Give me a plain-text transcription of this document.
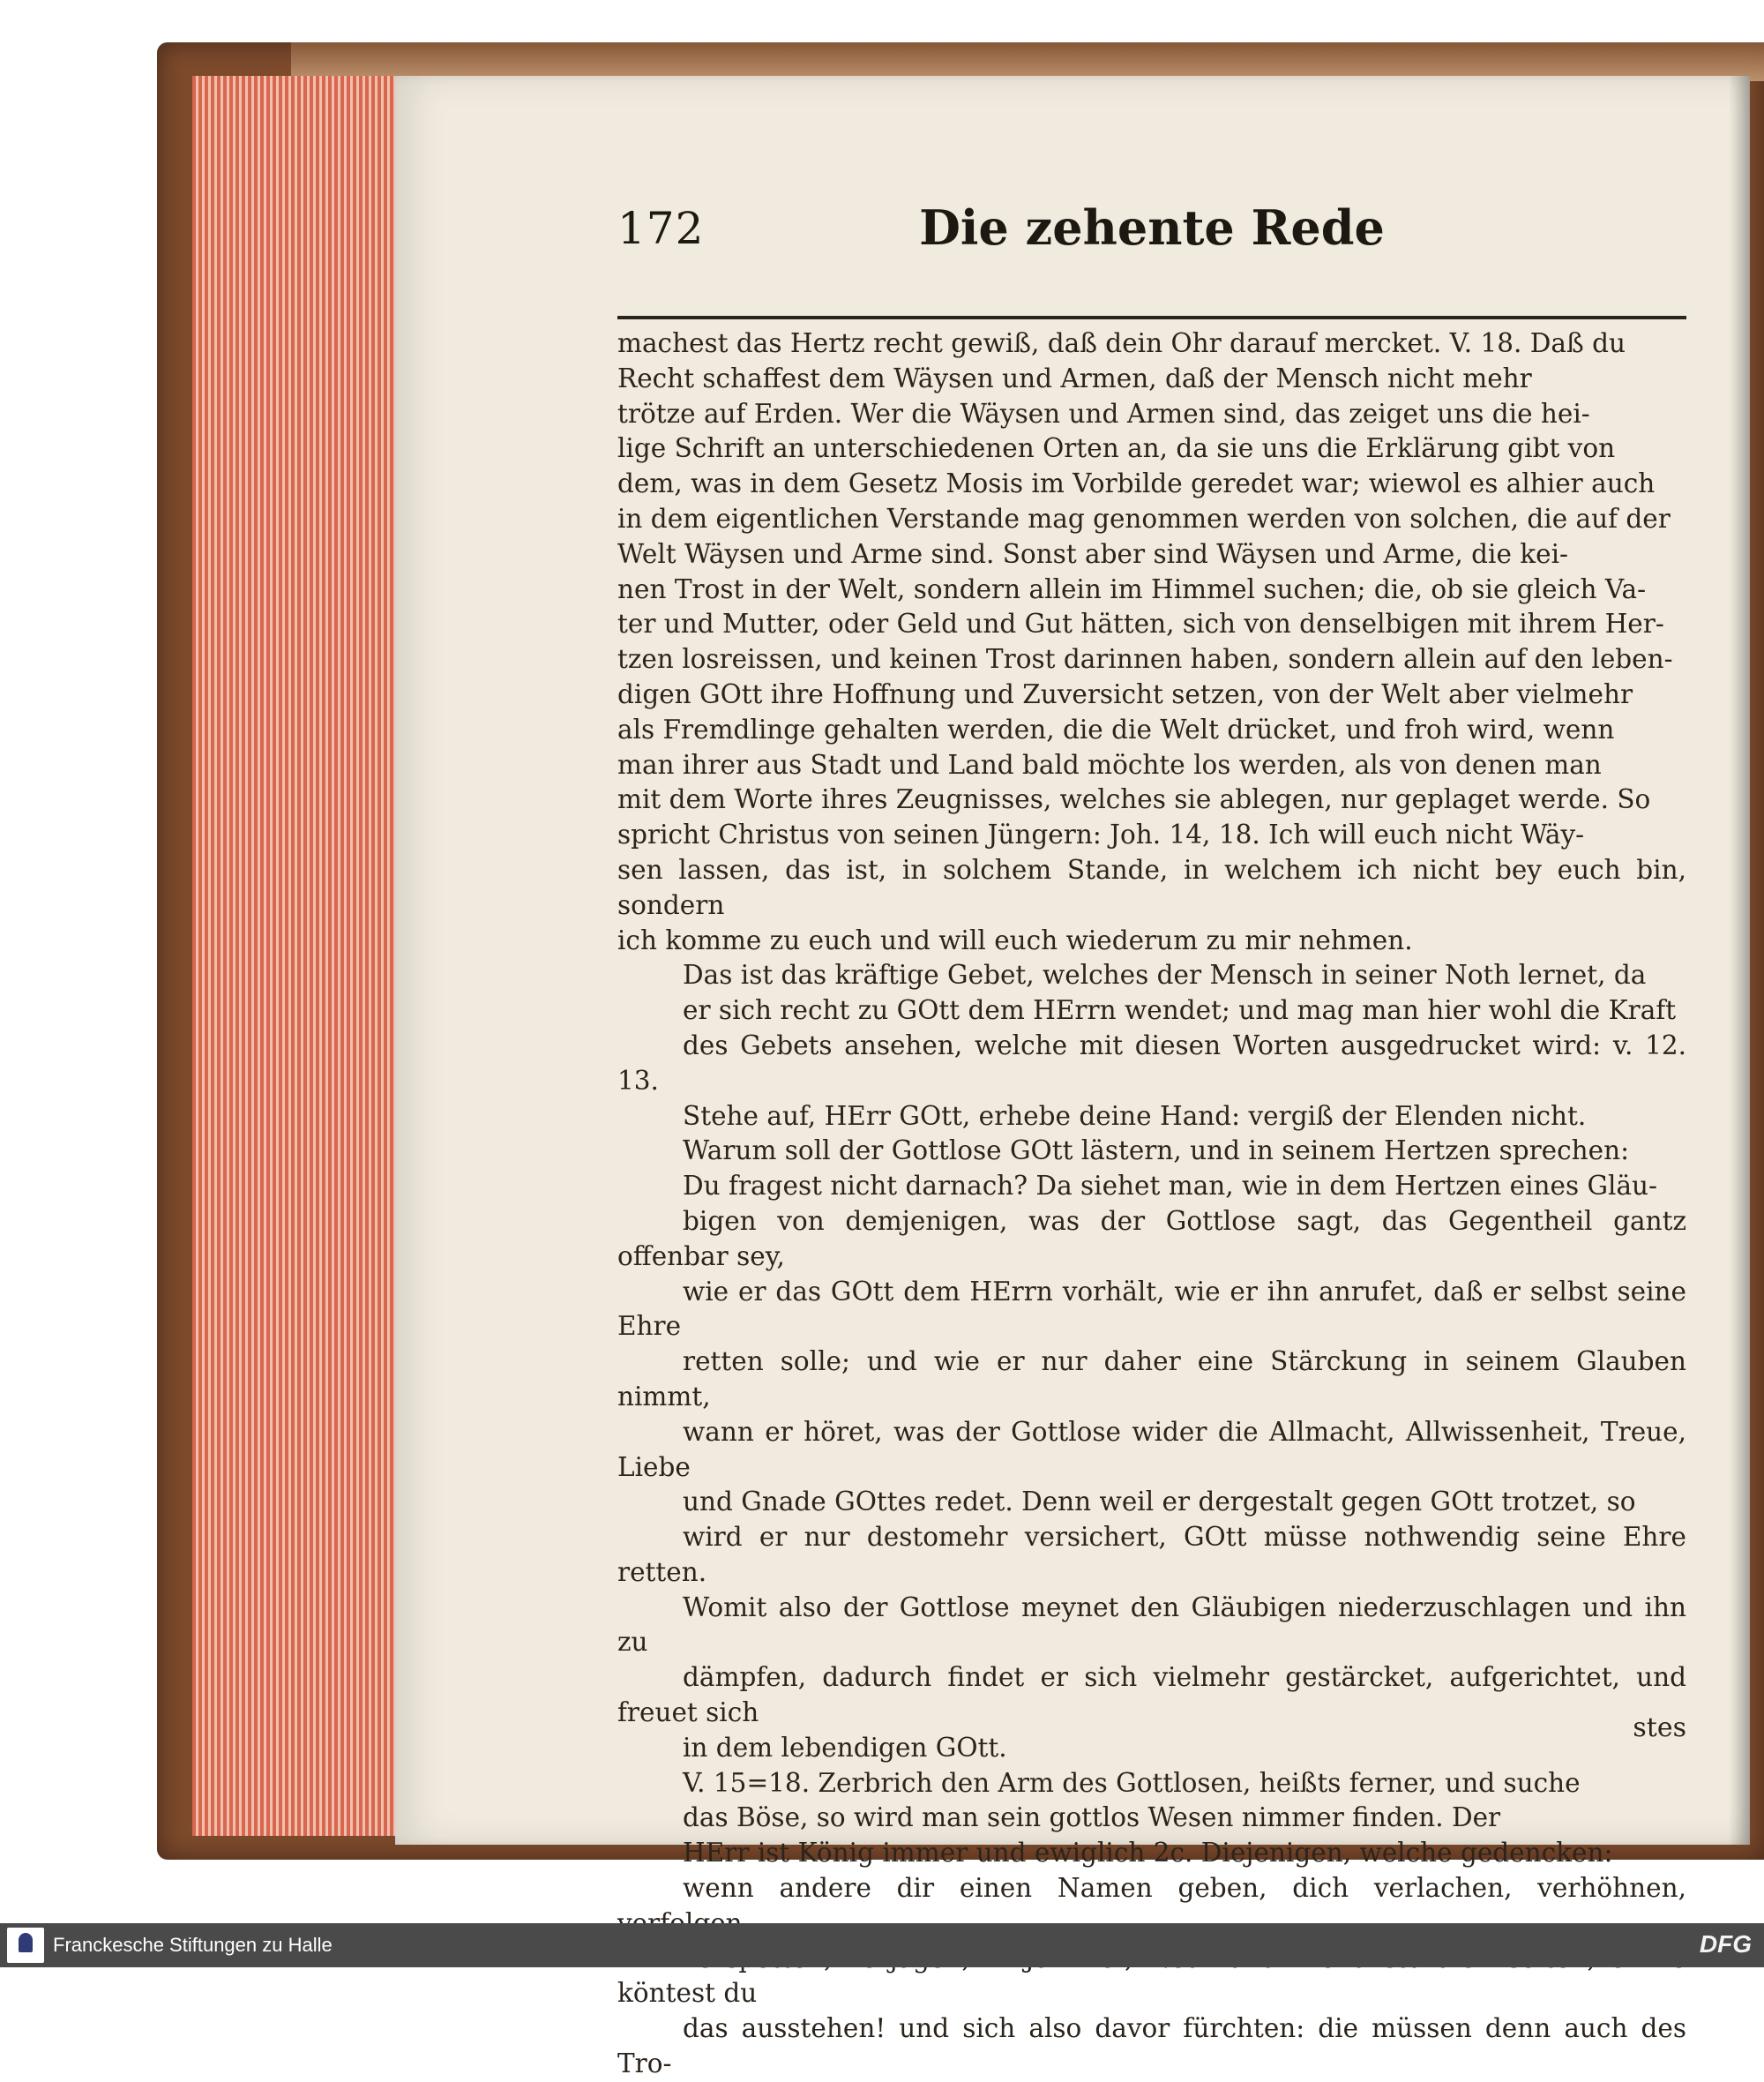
172	Die zehente Rede
machest das Hertz recht gewiß, daß dein Ohr darauf mercket. V. 18. Daß du
Recht schaffest dem Wäysen und Armen, daß der Mensch nicht mehr
trötze auf Erden. Wer die Wäysen und Armen sind, das zeiget uns die hei-
lige Schrift an unterschiedenen Orten an, da sie uns die Erklärung gibt von
dem, was in dem Gesetz Mosis im Vorbilde geredet war; wiewol es alhier auch
in dem eigentlichen Verstande mag genommen werden von solchen, die auf der
Welt Wäysen und Arme sind. Sonst aber sind Wäysen und Arme, die kei-
nen Trost in der Welt, sondern allein im Himmel suchen; die, ob sie gleich Va-
ter und Mutter, oder Geld und Gut hätten, sich von denselbigen mit ihrem Her-
tzen losreissen, und keinen Trost darinnen haben, sondern allein auf den leben-
digen GOtt ihre Hoffnung und Zuversicht setzen, von der Welt aber vielmehr
als Fremdlinge gehalten werden, die die Welt drücket, und froh wird, wenn
man ihrer aus Stadt und Land bald möchte los werden, als von denen man
mit dem Worte ihres Zeugnisses, welches sie ablegen, nur geplaget werde. So
spricht Christus von seinen Jüngern: Joh. 14, 18. Ich will euch nicht Wäy-
sen lassen, das ist, in solchem Stande, in welchem ich nicht bey euch bin, sondern
ich komme zu euch und will euch wiederum zu mir nehmen.
Das ist das kräftige Gebet, welches der Mensch in seiner Noth lernet, da
er sich recht zu GOtt dem HErrn wendet; und mag man hier wohl die Kraft
des Gebets ansehen, welche mit diesen Worten ausgedrucket wird: v. 12. 13.
Stehe auf, HErr GOtt, erhebe deine Hand: vergiß der Elenden nicht.
Warum soll der Gottlose GOtt lästern, und in seinem Hertzen sprechen:
Du fragest nicht darnach? Da siehet man, wie in dem Hertzen eines Gläu-
bigen von demjenigen, was der Gottlose sagt, das Gegentheil gantz offenbar sey,
wie er das GOtt dem HErrn vorhält, wie er ihn anrufet, daß er selbst seine Ehre
retten solle; und wie er nur daher eine Stärckung in seinem Glauben nimmt,
wann er höret, was der Gottlose wider die Allmacht, Allwissenheit, Treue, Liebe
und Gnade GOttes redet. Denn weil er dergestalt gegen GOtt trotzet, so
wird er nur destomehr versichert, GOtt müsse nothwendig seine Ehre retten.
Womit also der Gottlose meynet den Gläubigen niederzuschlagen und ihn zu
dämpfen, dadurch findet er sich vielmehr gestärcket, aufgerichtet, und freuet sich
in dem lebendigen GOtt.
V. 15=18. Zerbrich den Arm des Gottlosen, heißts ferner, und suche
das Böse, so wird man sein gottlos Wesen nimmer finden. Der
HErr ist König immer und ewiglich 2c. Diejenigen, welche gedencken:
wenn andere dir einen Namen geben, dich verlachen, verhöhnen,
köntest du
das ausstehen! und sich also davor fürchten: die müssen denn auch des Tro-
stes
Franckesche Stiftungen zu Halle	DFG
